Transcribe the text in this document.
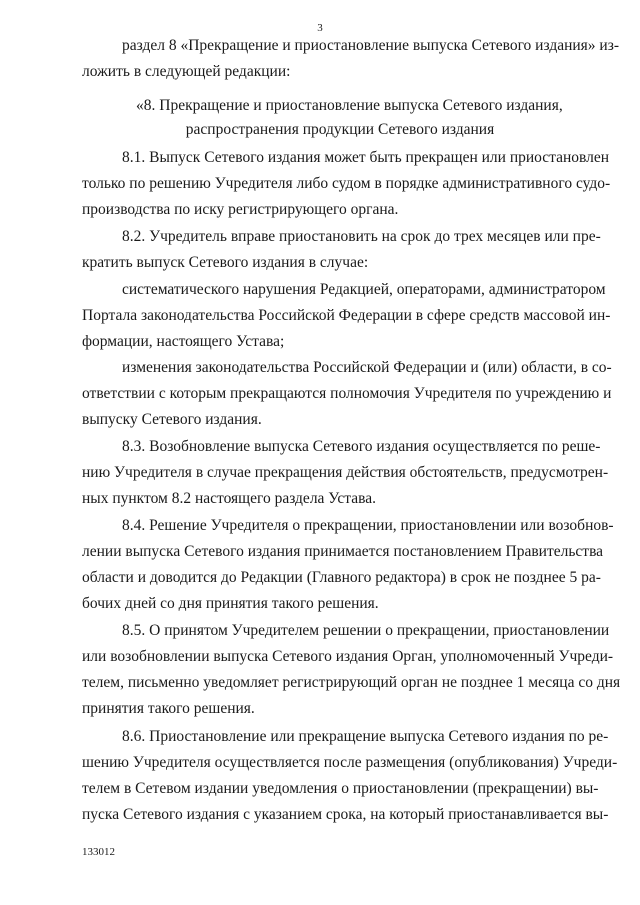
3
раздел 8 «Прекращение и приостановление выпуска Сетевого издания» из-
ложить в следующей редакции:
«8. Прекращение и приостановление выпуска Сетевого издания,
распространения продукции Сетевого издания
8.1. Выпуск Сетевого издания может быть прекращен или приостановлен
только по решению Учредителя либо судом в порядке административного судо-
производства по иску регистрирующего органа.
8.2. Учредитель вправе приостановить на срок до трех месяцев или пре-
кратить выпуск Сетевого издания в случае:
систематического нарушения Редакцией, операторами, администратором
Портала законодательства Российской Федерации в сфере средств массовой ин-
формации, настоящего Устава;
изменения законодательства Российской Федерации и (или) области, в со-
ответствии с которым прекращаются полномочия Учредителя по учреждению и
выпуску Сетевого издания.
8.3. Возобновление выпуска Сетевого издания осуществляется по реше-
нию Учредителя в случае прекращения действия обстоятельств, предусмотрен-
ных пунктом 8.2 настоящего раздела Устава.
8.4. Решение Учредителя о прекращении, приостановлении или возобнов-
лении выпуска Сетевого издания принимается постановлением Правительства
области и доводится до Редакции (Главного редактора) в срок не позднее 5 ра-
бочих дней со дня принятия такого решения.
8.5. О принятом Учредителем решении о прекращении, приостановлении
или возобновлении выпуска Сетевого издания Орган, уполномоченный Учреди-
телем, письменно уведомляет регистрирующий орган не позднее 1 месяца со дня
принятия такого решения.
8.6. Приостановление или прекращение выпуска Сетевого издания по ре-
шению Учредителя осуществляется после размещения (опубликования) Учреди-
телем в Сетевом издании уведомления о приостановлении (прекращении) вы-
пуска Сетевого издания с указанием срока, на который приостанавливается вы-
133012
